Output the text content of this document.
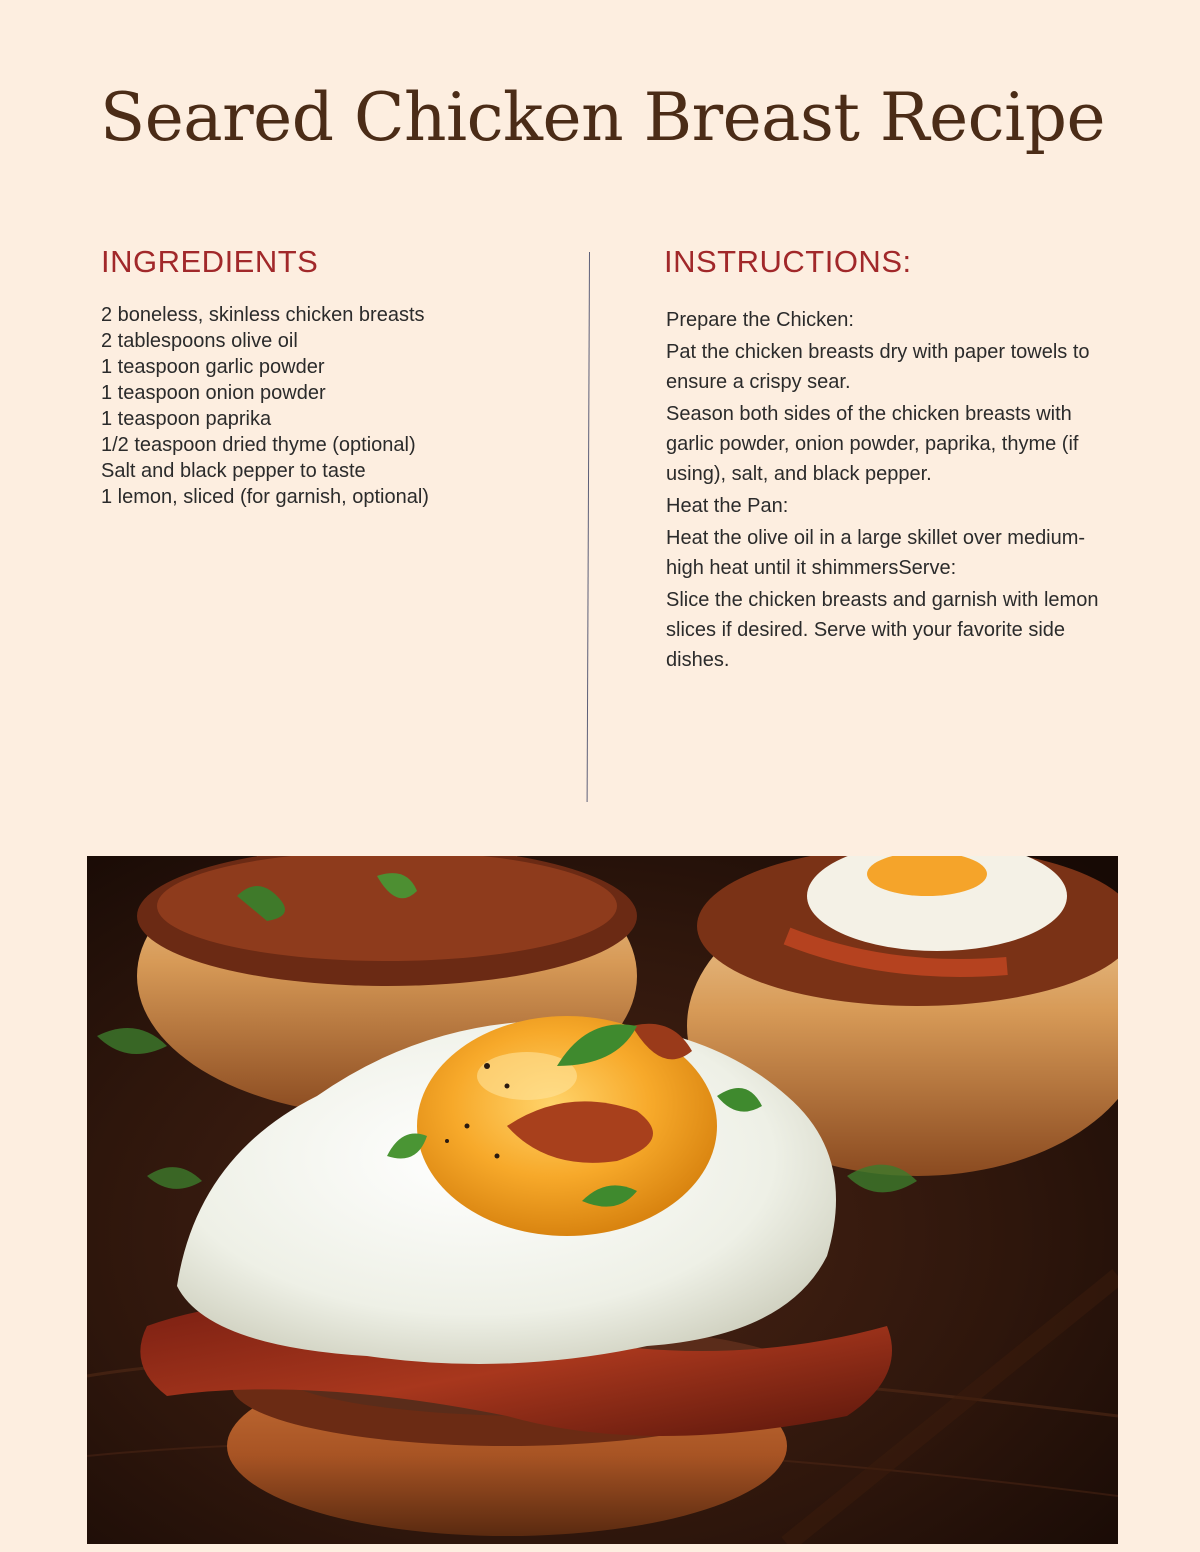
Seared Chicken Breast Recipe
INGREDIENTS
2 boneless, skinless chicken breasts
2 tablespoons olive oil
1 teaspoon garlic powder
1 teaspoon onion powder
1 teaspoon paprika
1/2 teaspoon dried thyme (optional)
Salt and black pepper to taste
1 lemon, sliced (for garnish, optional)
INSTRUCTIONS:

Prepare the Chicken:

Pat the chicken breasts dry with paper towels to ensure a crispy sear.

Season both sides of the chicken breasts with garlic powder, onion powder, paprika, thyme (if using), salt, and black pepper.

Heat the Pan:

Heat the olive oil in a large skillet over medium-high heat until it shimmersServe:

Slice the chicken breasts and garnish with lemon slices if desired. Serve with your favorite side dishes.
